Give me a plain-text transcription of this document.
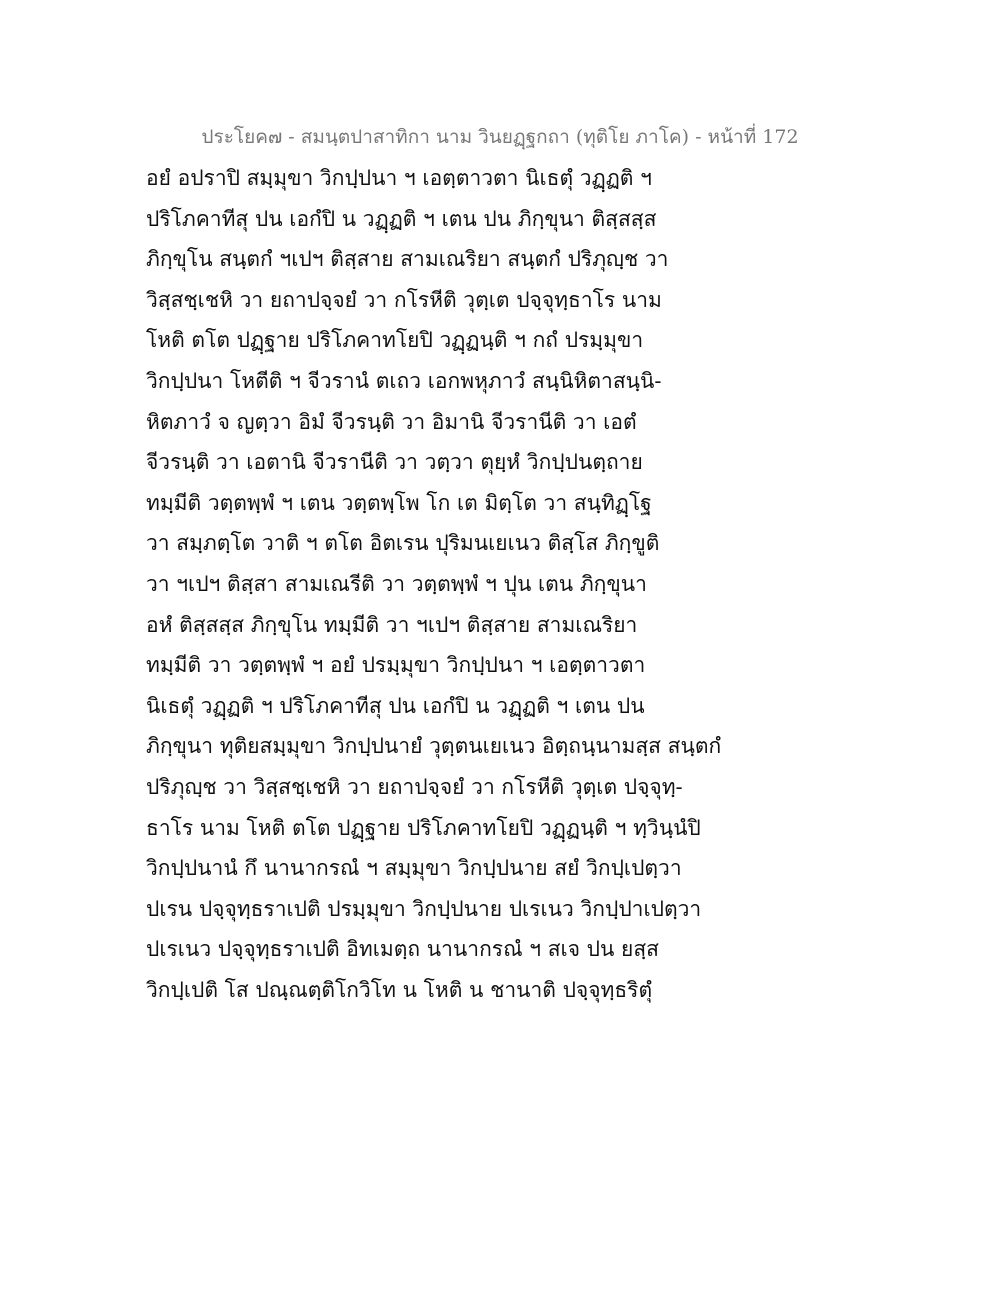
ประโยค๗ - สมนฺตปาสาทิกา นาม วินยฏฺฐกถา (ทุติโย ภาโค) - หน้าที่ 172
อยํ อปราปิ สมฺมุขา วิกปฺปนา ฯ เอตฺตาวตา นิเธตุํ วฏฺฏติ ฯ
ปริโภคาทีสุ ปน เอกํปิ น วฏฺฏติ ฯ เตน ปน ภิกฺขุนา ติสฺสสฺส
ภิกฺขุโน สนฺตกํ ฯเปฯ ติสฺสาย สามเณริยา สนฺตกํ ปริภุญฺช วา
วิสฺสชฺเชหิ วา ยถาปจฺจยํ วา กโรหีติ วุตฺเต ปจฺจุทฺธาโร นาม
โหติ ตโต ปฏฺฐาย ปริโภคาทโยปิ วฏฺฏนฺติ ฯ กถํ ปรมฺมุขา
วิกปฺปนา โหตีติ ฯ จีวรานํ ตเถว เอกพหุภาวํ สนฺนิหิตาสนฺนิ-
หิตภาวํ จ ญตฺวา อิมํ จีวรนฺติ วา อิมานิ จีวรานีติ วา เอตํ
จีวรนฺติ วา เอตานิ จีวรานีติ วา วตฺวา ตุยฺหํ วิกปฺปนตฺถาย
ทมฺมีติ วตฺตพฺพํ ฯ เตน วตฺตพฺโพ โก เต มิตฺโต วา สนฺทิฏฺโฐ
วา สมฺภตฺโต วาติ ฯ ตโต อิตเรน ปุริมนเยเนว ติสฺโส ภิกฺขูติ
วา ฯเปฯ ติสฺสา สามเณรีติ วา วตฺตพฺพํ ฯ ปุน เตน ภิกฺขุนา
อหํ ติสฺสสฺส ภิกฺขุโน ทมฺมีติ วา ฯเปฯ ติสฺสาย สามเณริยา
ทมฺมีติ วา วตฺตพฺพํ ฯ อยํ ปรมฺมุขา วิกปฺปนา ฯ เอตฺตาวตา
นิเธตุํ วฏฺฏติ ฯ ปริโภคาทีสุ ปน เอกํปิ น วฏฺฏติ ฯ เตน ปน
ภิกฺขุนา ทุติยสมฺมุขา วิกปฺปนายํ วุตฺตนเยเนว อิตฺถนฺนามสฺส สนฺตกํ
ปริภุญฺช วา วิสฺสชฺเชหิ วา ยถาปจฺจยํ วา กโรหีติ วุตฺเต ปจฺจุทฺ-
ธาโร นาม โหติ ตโต ปฏฺฐาย ปริโภคาทโยปิ วฏฺฏนฺติ ฯ ทฺวินฺนํปิ
วิกปฺปนานํ กึ นานากรณํ ฯ สมฺมุขา วิกปฺปนาย สยํ วิกปฺเปตฺวา
ปเรน ปจฺจุทฺธราเปติ ปรมฺมุขา วิกปฺปนาย ปเรเนว วิกปฺปาเปตฺวา
ปเรเนว ปจฺจุทฺธราเปติ อิทเมตฺถ นานากรณํ ฯ สเจ ปน ยสฺส
วิกปฺเปติ โส ปณฺณตฺติโกวิโท น โหติ น ชานาติ ปจฺจุทฺธริตุํ
